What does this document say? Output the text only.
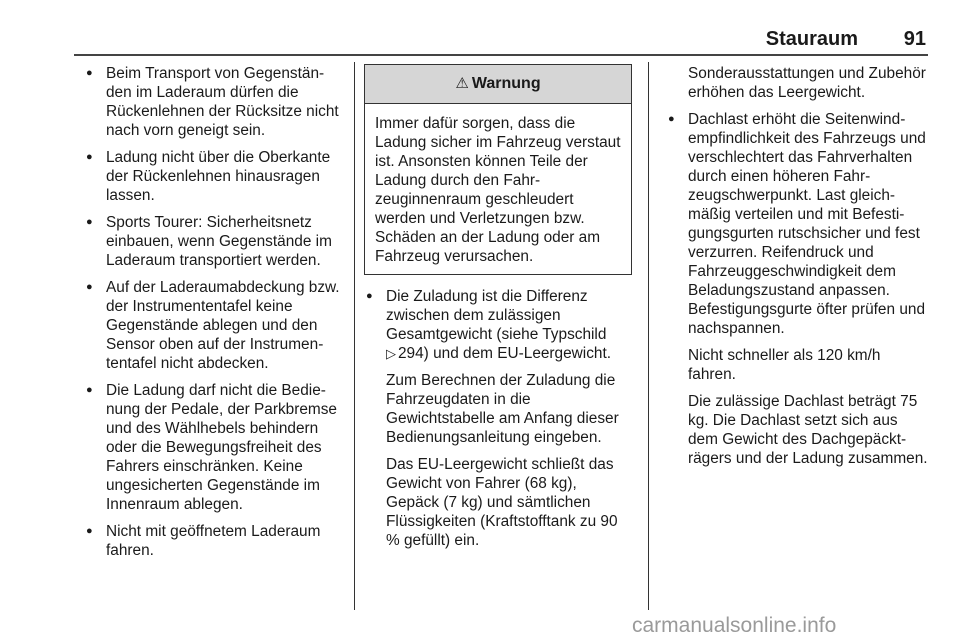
Stauraum 91
● Beim Transport von Gegenständen im Laderaum dürfen die Rückenlehnen der Rücksitze nicht nach vorn geneigt sein.
● Ladung nicht über die Oberkante der Rückenlehnen hinausragen lassen.
● Sports Tourer: Sicherheitsnetz einbauen, wenn Gegenstände im Laderaum transportiert werden.
● Auf der Laderaumabdeckung bzw. der Instrumententafel keine Gegenstände ablegen und den Sensor oben auf der Instrumententafel nicht abdecken.
● Die Ladung darf nicht die Bedienung der Pedale, der Parkbremse und des Wählhebels behindern oder die Bewegungsfreiheit des Fahrers einschränken. Keine ungesicherten Gegenstände im Innenraum ablegen.
● Nicht mit geöffnetem Laderaum fahren.
⚠ Warnung
Immer dafür sorgen, dass die Ladung sicher im Fahrzeug verstaut ist. Ansonsten können Teile der Ladung durch den Fahrzeuginnenraum geschleudert werden und Verletzungen bzw. Schäden an der Ladung oder am Fahrzeug verursachen.
● Die Zuladung ist die Differenz zwischen dem zulässigen Gesamtgewicht (siehe Typschild ▷ 294) und dem EU-Leergewicht.
Zum Berechnen der Zuladung die Fahrzeugdaten in die Gewichtstabelle am Anfang dieser Bedienungsanleitung eingeben.
Das EU-Leergewicht schließt das Gewicht von Fahrer (68 kg), Gepäck (7 kg) und sämtlichen Flüssigkeiten (Kraftstofftank zu 90 % gefüllt) ein.
Sonderausstattungen und Zubehör erhöhen das Leergewicht.
● Dachlast erhöht die Seitenwindempfindlichkeit des Fahrzeugs und verschlechtert das Fahrverhalten durch einen höheren Fahrzeugschwerpunkt. Last gleichmäßig verteilen und mit Befestigungsgurten rutschsicher und fest verzurren. Reifendruck und Fahrzeuggeschwindigkeit dem Beladungszustand anpassen. Befestigungsgurte öfter prüfen und nachspannen.
Nicht schneller als 120 km/h fahren.
Die zulässige Dachlast beträgt 75 kg. Die Dachlast setzt sich aus dem Gewicht des Dachgepäckträgers und der Ladung zusammen.
carmanualsonline.info
